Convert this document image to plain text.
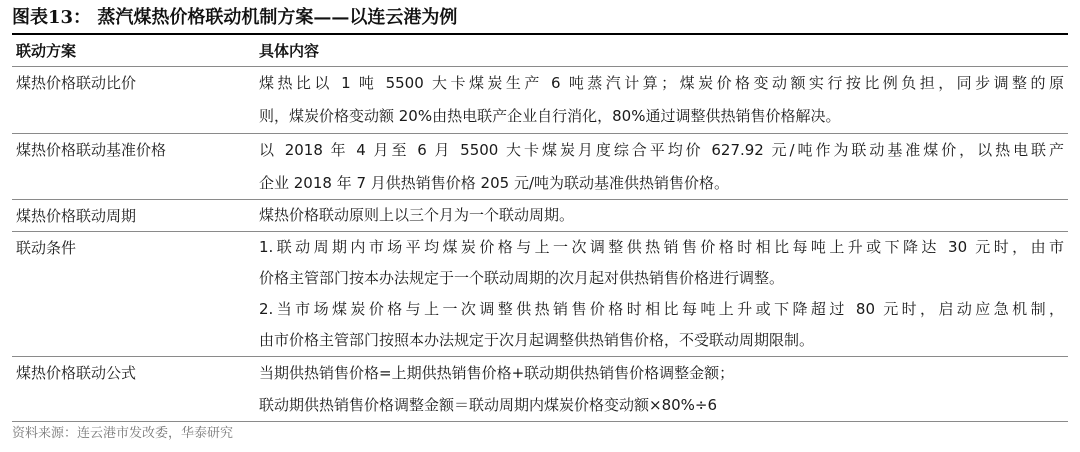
图表13： 蒸汽煤热价格联动机制方案——以连云港为例
联动方案	具体内容
煤热价格联动比价	煤热比以 1 吨 5500 大卡煤炭生产 6 吨蒸汽计算；煤炭价格变动额实行按比例负担，同步调整的原
则，煤炭价格变动额 20%由热电联产企业自行消化，80%通过调整供热销售价格解决。
煤热价格联动基准价格	以 2018 年 4 月至 6 月 5500 大卡煤炭月度综合平均价 627.92 元/吨作为联动基准煤价，以热电联产
企业 2018 年 7 月供热销售价格 205 元/吨为联动基准供热销售价格。
煤热价格联动周期	煤热价格联动原则上以三个月为一个联动周期。
联动条件	1.联动周期内市场平均煤炭价格与上一次调整供热销售价格时相比每吨上升或下降达 30 元时，由市
价格主管部门按本办法规定于一个联动周期的次月起对供热销售价格进行调整。
2.当市场煤炭价格与上一次调整供热销售价格时相比每吨上升或下降超过 80 元时，启动应急机制，
由市价格主管部门按照本办法规定于次月起调整供热销售价格，不受联动周期限制。
煤热价格联动公式	当期供热销售价格=上期供热销售价格+联动期供热销售价格调整金额；
联动期供热销售价格调整金额＝联动周期内煤炭价格变动额×80%÷6
资料来源：连云港市发改委，华泰研究
